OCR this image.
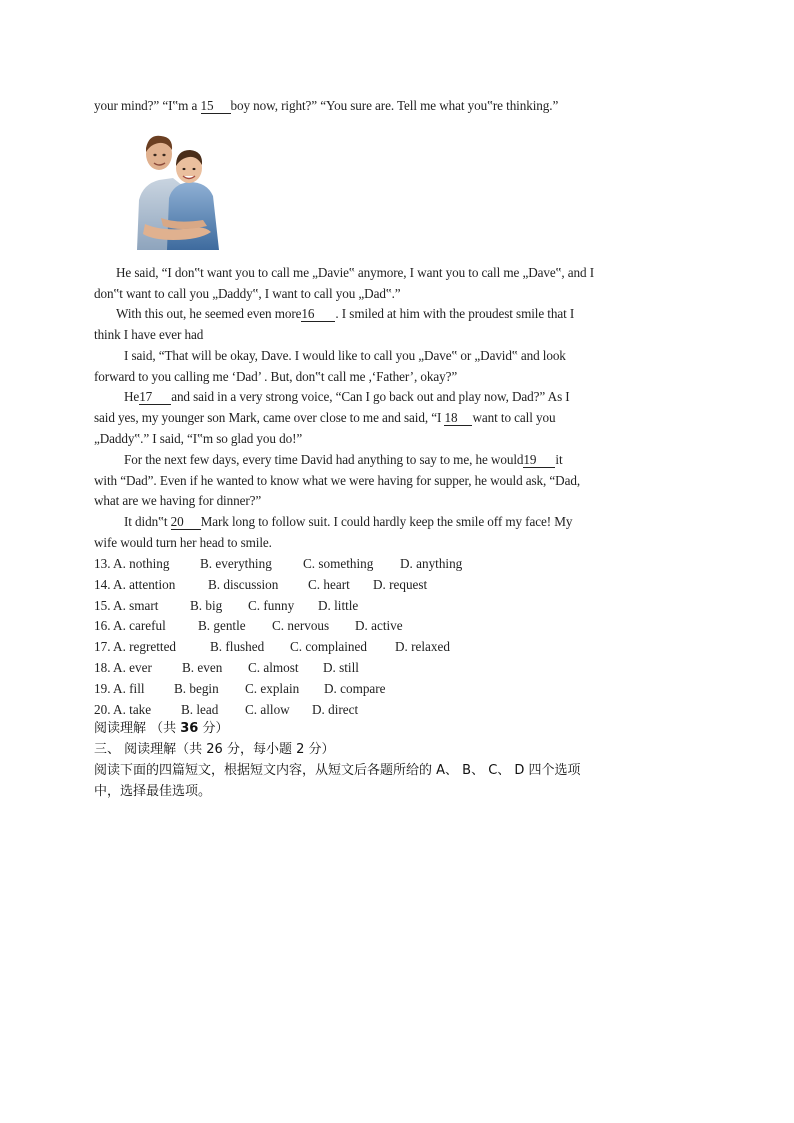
your mind?” “I‟m a 15 boy now, right?” “You sure are. Tell me what you‟re thinking.”
He said, “I don‟t want you to call me „Davie‟ anymore, I want you to call me „Dave‟, and I
don‟t want to call you „Daddy‟, I want to call you „Dad‟.”
With this out, he seemed even more16 . I smiled at him with the proudest smile that I
think I have ever had
I said, “That will be okay, Dave. I would like to call you „Dave‟ or „David‟ and look
forward to you calling me ‘Dad’ . But, don‟t call me ,‘Father’, okay?”
He17 and said in a very strong voice, “Can I go back out and play now, Dad?” As I
said yes, my younger son Mark, came over close to me and said, “I 18 want to call you
„Daddy‟.” I said, “I‟m so glad you do!”
For the next few days, every time David had anything to say to me, he would19 it
with “Dad”. Even if he wanted to know what we were having for supper, he would ask, “Dad,
what are we having for dinner?”
It didn‟t 20 Mark long to follow suit. I could hardly keep the smile off my face! My
wife would turn her head to smile.
13. A. nothing B. everything C. something D. anything
14. A. attention B. discussion C. heart D. request
15. A. smart B. big C. funny D. little
16. A. careful B. gentle C. nervous D. active
17. A. regretted	B. flushed C. complained D. relaxed
18. A. ever B. even C. almost D. still
19. A. fill B. begin C. explain D. compare
20. A. take B. lead C. allow D. direct
阅读理解 （共 36 分）
三、 阅读理解（共 26 分，每小题 2 分）
阅读下面的四篇短文，根据短文内容，从短文后各题所给的 A、 B、 C、 D 四个选项
中，选择最佳选项。
